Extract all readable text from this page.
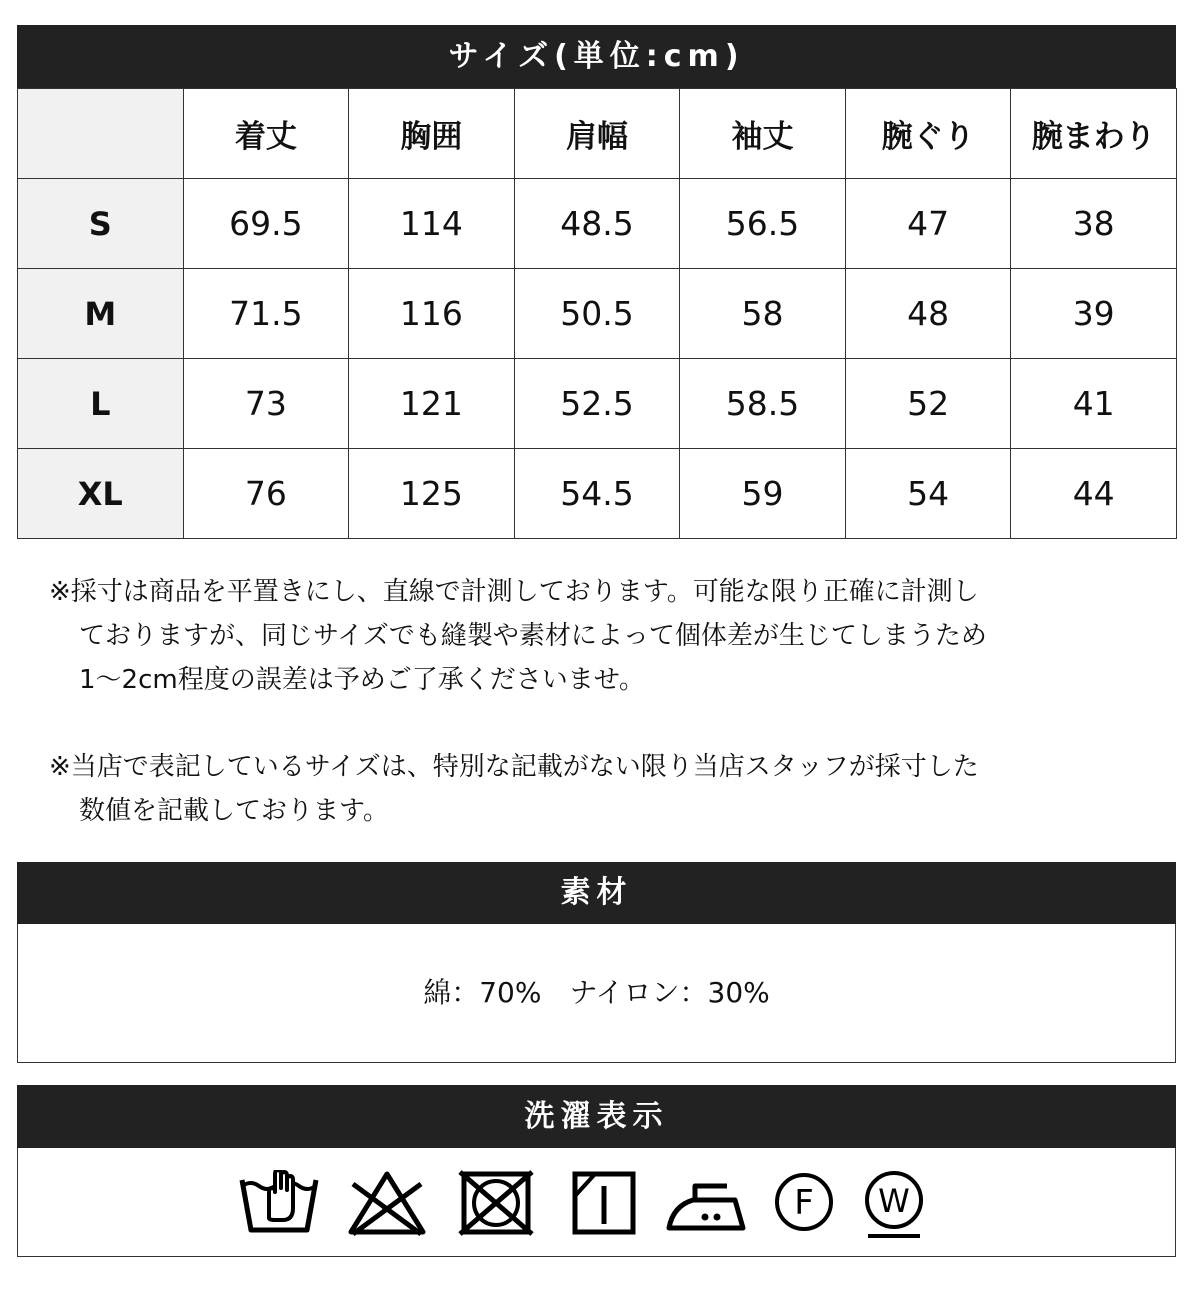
サイズ(単位:cm)
	着丈	胸囲	肩幅	袖丈	腕ぐり	腕まわり
S	69.5	114	48.5	56.5	47	38
M	71.5	116	50.5	58	48	39
L	73	121	52.5	58.5	52	41
XL	76	125	54.5	59	54	44

※採寸は商品を平置きにし、直線で計測しております。可能な限り正確に計測し

ておりますが、同じサイズでも縫製や素材によって個体差が生じてしまうため

1～2cm程度の誤差は予めご了承くださいませ。

※当店で表記しているサイズは、特別な記載がない限り当店スタッフが採寸した

数値を記載しております。

素材
綿：70%　ナイロン：30%
洗濯表示
F W
